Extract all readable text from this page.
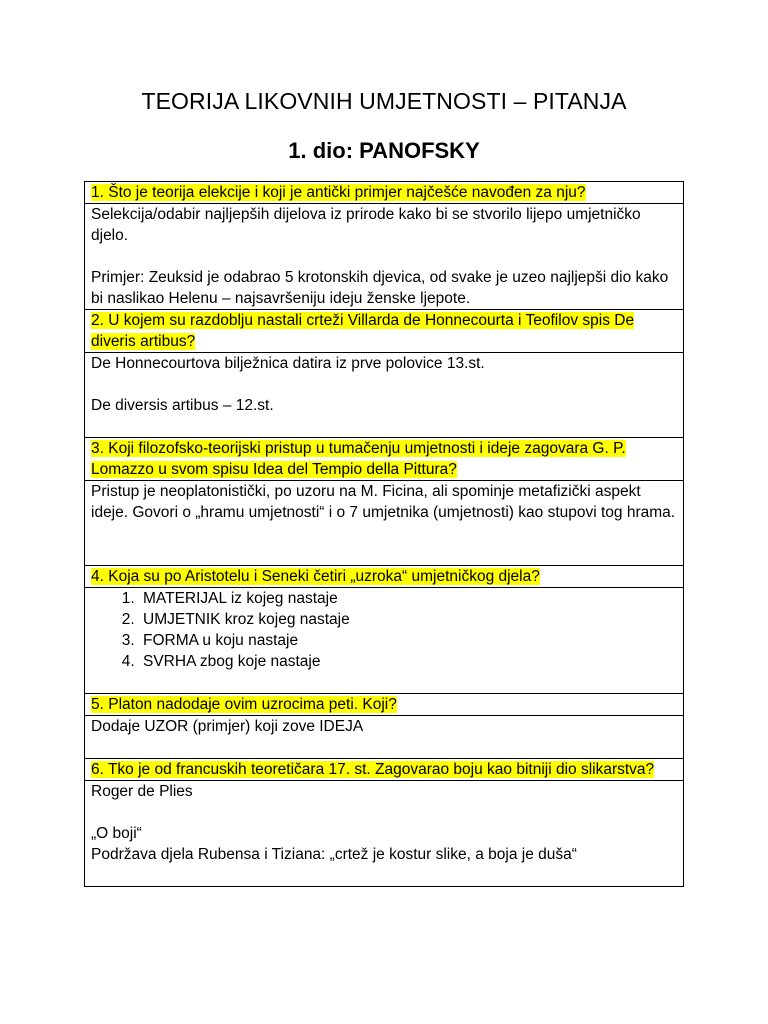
TEORIJA LIKOVNIH UMJETNOSTI – PITANJA
1. dio: PANOFSKY
1. Što je teorija elekcije i koji je antički primjer najčešće navođen za nju?

Selekcija/odabir najljepših dijelova iz prirode kako bi se stvorilo lijepo umjetničko djelo.

Primjer: Zeuksid je odabrao 5 krotonskih djevica, od svake je uzeo najljepši dio kako bi naslikao Helenu – najsavršeniju ideju ženske ljepote.

2. U kojem su razdoblju nastali crteži Villarda de Honnecourta i Teofilov spis De diveris artibus?

De Honnecourtova bilježnica datira iz prve polovice 13.st.

De diversis artibus – 12.st.

3. Koji filozofsko-teorijski pristup u tumačenju umjetnosti i ideje zagovara G. P. Lomazzo u svom spisu Idea del Tempio della Pittura?

Pristup je neoplatonistički, po uzoru na M. Ficina, ali spominje metafizički aspekt ideje. Govori o „hramu umjetnosti“ i o 7 umjetnika (umjetnosti) kao stupovi tog hrama.

4. Koja su po Aristotelu i Seneki četiri „uzroka“ umjetničkog djela?

1. MATERIJAL iz kojeg nastaje
2. UMJETNIK kroz kojeg nastaje
3. FORMA u koju nastaje
4. SVRHA zbog koje nastaje

5. Platon nadodaje ovim uzrocima peti. Koji?

Dodaje UZOR (primjer) koji zove IDEJA

6. Tko je od francuskih teoretičara 17. st. Zagovarao boju kao bitniji dio slikarstva?

Roger de Plies

„O boji“

Podržava djela Rubensa i Tiziana: „crtež je kostur slike, a boja je duša“
